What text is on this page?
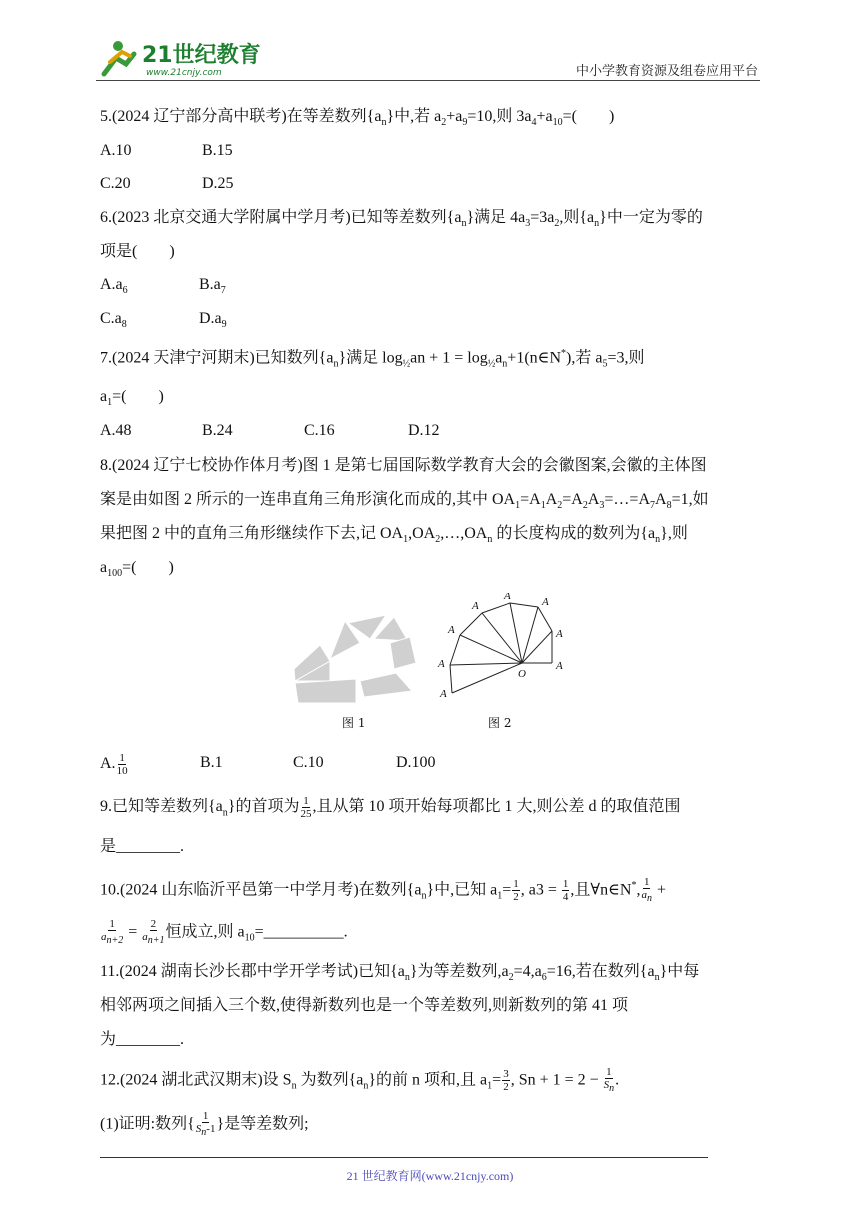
21世纪教育
www.21cnjy.com	中小学教育资源及组卷应用平台
5.(2024 辽宁部分高中联考)在等差数列$\{a_n\}$中,若 $a_2+a_9=10$,则 $3a_4+a_{10}=$(　　)
A.10	B.15
C.20	D.25
6.(2023 北京交通大学附属中学月考)已知等差数列$\{a_n\}$满足 $4a_3=3a_2$,则$\{a_n\}$中一定为零的
项是(　　)
$A.a_6$	$B.a_7$
$C.a_8$	$D.a_9$
7.(2024 天津宁河期末)已知数列$\{a_n\}$满足 $\log_{\frac{1}{2}}an + 1$ = $\log_{\frac{1}{2}}a_n+1(n\in N^*)$,若 $a_5=3$,则
$a_1=$(　　)
A.48	B.24	C.16	D.12
8.(2024 辽宁七校协作体月考)图 1 是第七届国际数学教育大会的会徽图案,会徽的主体图
案是由如图 2 所示的一连串直角三角形演化而成的,其中 $OA_1=A_1A_2=A_2A_3=\dots=A_7A_8=1$,如
果把图 2 中的直角三角形继续作下去,记 $OA_1,OA_2,\dots,OA_n$ 的长度构成的数列为$\{a_n\}$,则
$a_{100}=$(　　)
A
A
A
A
A
A
A
A
O
图 1	图 2
A. $\frac{1}{10}$	B.1	C.10	D.100
9.已知等差数列$\{a_n\}$的首项为 $\frac{1}{25}$ ,且从第 10 项开始每项都比 1 大,则公差 d 的取值范围
是________.
10.(2024 山东临沂平邑第一中学月考)在数列$\{a_n\}$中,已知 $a_1= \frac{1}{2}$ , $a3 = \frac{1}{4}$ ,且∀n∈N*, $\frac{1}{a_n}$ +
$\frac{1}{a_{n+2}} = \frac{2}{a_{n+1}}$ 恒成立,则 $a_{10}=\_\_\_\_\_\_\_\_\_\_$.
11.(2024 湖南长沙长郡中学开学考试)已知$\{a_n\}$为等差数列$,a_2=4,a_6=16$,若在数列$\{a_n\}$中每
相邻两项之间插入三个数,使得新数列也是一个等差数列,则新数列的第 41 项
为________.
12.(2024 湖北武汉期末)设 $S_n$ 为数列$\{a_n\}$的前 n 项和,且 $a_1= \frac{3}{2}$ , $Sn + 1 = 2 - \frac{1}{S_n}$ .
(1)证明:数列{ $\frac{1}{S_n-1}$ }是等差数列;
21 世纪教育网(www.21cnjy.com)
